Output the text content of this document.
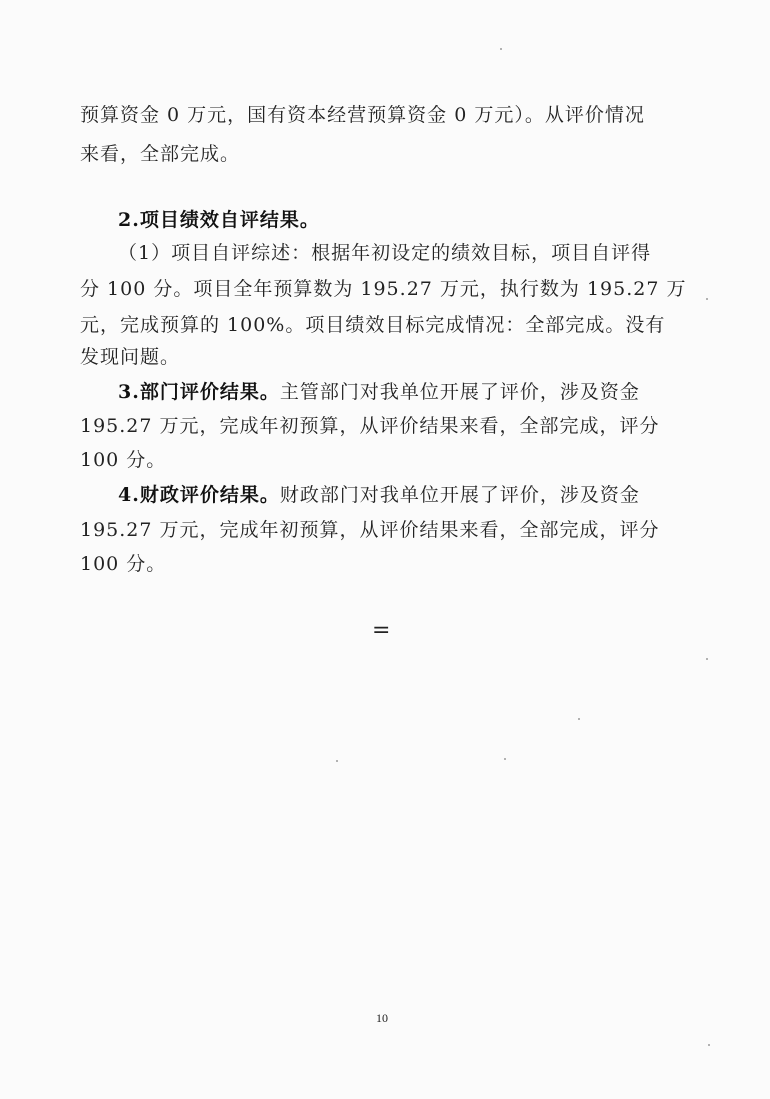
预算资金 0 万元，国有资本经营预算资金 0 万元）。从评价情况
来看，全部完成。
2.项目绩效自评结果。
（1）项目自评综述：根据年初设定的绩效目标，项目自评得
分 100 分。项目全年预算数为 195.27 万元，执行数为 195.27 万
元，完成预算的 100%。项目绩效目标完成情况：全部完成。没有
发现问题。
3.部门评价结果。主管部门对我单位开展了评价，涉及资金
195.27 万元，完成年初预算，从评价结果来看，全部完成，评分
100 分。
4.财政评价结果。财政部门对我单位开展了评价，涉及资金
195.27 万元，完成年初预算，从评价结果来看，全部完成，评分
100 分。
=
10
